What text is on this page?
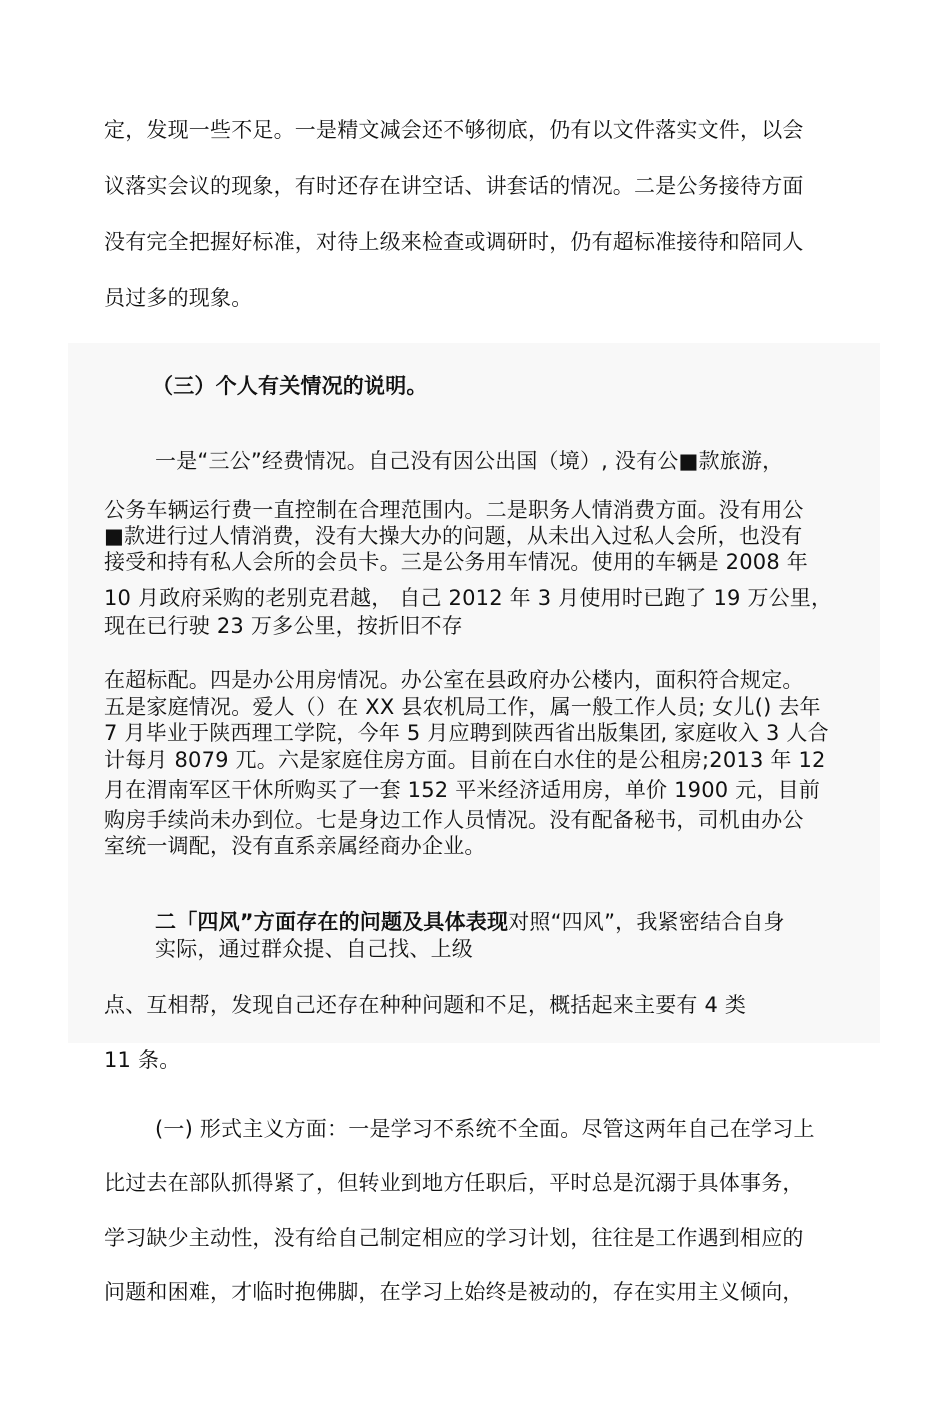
定，发现一些不足。一是精文减会还不够彻底，仍有以文件落实文件，以会
议落实会议的现象，有时还存在讲空话、讲套话的情况。二是公务接待方面
没有完全把握好标准，对待上级来检查或调研时，仍有超标准接待和陪同人
员过多的现象。
（三）个人有关情况的说明。
一是“三公”经费情况。自己没有因公出国（境）, 没有公■款旅游，
公务车辆运行费一直控制在合理范围内。二是职务人情消费方面。没有用公
■款进行过人情消费，没有大操大办的问题，从未出入过私人会所，也没有
接受和持有私人会所的会员卡。三是公务用车情况。使用的车辆是 2008 年
10 月政府采购的老别克君越， 自己 2012 年 3 月使用时已跑了 19 万公里，
现在已行驶 23 万多公里，按折旧不存
在超标配。四是办公用房情况。办公室在县政府办公楼内，面积符合规定。
五是家庭情况。爱人（）在 XX 县农机局工作，属一般工作人员; 女儿() 去年
7 月毕业于陕西理工学院，今年 5 月应聘到陕西省出版集团, 家庭收入 3 人合
计每月 8079 兀。六是家庭住房方面。目前在白水住的是公租房;2013 年 12
月在渭南军区干休所购买了一套 152 平米经济适用房，单价 1900 元，目前
购房手续尚未办到位。七是身边工作人员情况。没有配备秘书，司机由办公
室统一调配，没有直系亲属经商办企业。
二「四风”方面存在的问题及具体表现对照“四风”，我紧密结合自身
实际，通过群众提、自己找、上级
点、互相帮，发现自己还存在种种问题和不足，概括起来主要有 4 类
11 条。
(一) 形式主义方面：一是学习不系统不全面。尽管这两年自己在学习上
比过去在部队抓得紧了，但转业到地方任职后，平时总是沉溺于具体事务，
学习缺少主动性，没有给自己制定相应的学习计划，往往是工作遇到相应的
问题和困难，才临时抱佛脚，在学习上始终是被动的，存在实用主义倾向，
